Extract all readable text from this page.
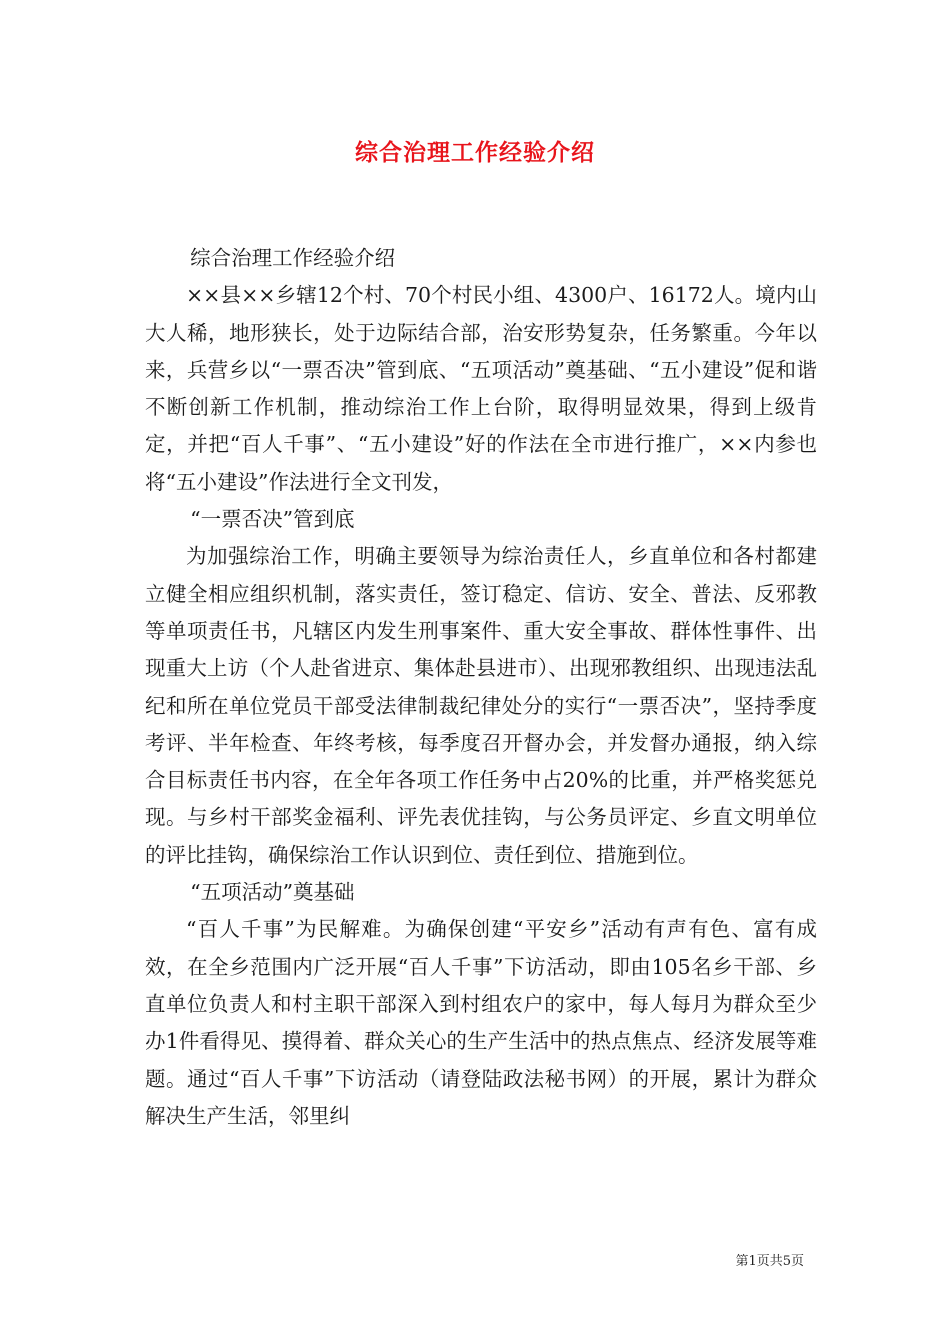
综合治理工作经验介绍

综合治理工作经验介绍

××县××乡辖12个村、70个村民小组、4300户、16172人。境内山大人稀，地形狭长，处于边际结合部，治安形势复杂，任务繁重。今年以来，兵营乡以“一票否决”管到底、“五项活动”奠基础、“五小建设”促和谐不断创新工作机制，推动综治工作上台阶，取得明显效果，得到上级肯定，并把“百人千事”、“五小建设”好的作法在全市进行推广，××内参也将“五小建设”作法进行全文刊发，

“一票否决”管到底

为加强综治工作，明确主要领导为综治责任人，乡直单位和各村都建立健全相应组织机制，落实责任，签订稳定、信访、安全、普法、反邪教等单项责任书，凡辖区内发生刑事案件、重大安全事故、群体性事件、出现重大上访（个人赴省进京、集体赴县进市）、出现邪教组织、出现违法乱纪和所在单位党员干部受法律制裁纪律处分的实行“一票否决”，坚持季度考评、半年检查、年终考核，每季度召开督办会，并发督办通报，纳入综合目标责任书内容，在全年各项工作任务中占20%的比重，并严格奖惩兑现。与乡村干部奖金福利、评先表优挂钩，与公务员评定、乡直文明单位的评比挂钩，确保综治工作认识到位、责任到位、措施到位。

“五项活动”奠基础

“百人千事”为民解难。为确保创建“平安乡”活动有声有色、富有成效，在全乡范围内广泛开展“百人千事”下访活动，即由105名乡干部、乡直单位负责人和村主职干部深入到村组农户的家中，每人每月为群众至少办1件看得见、摸得着、群众关心的生产生活中的热点焦点、经济发展等难题。通过“百人千事”下访活动（请登陆政法秘书网）的开展，累计为群众解决生产生活，邻里纠

第1页共5页
